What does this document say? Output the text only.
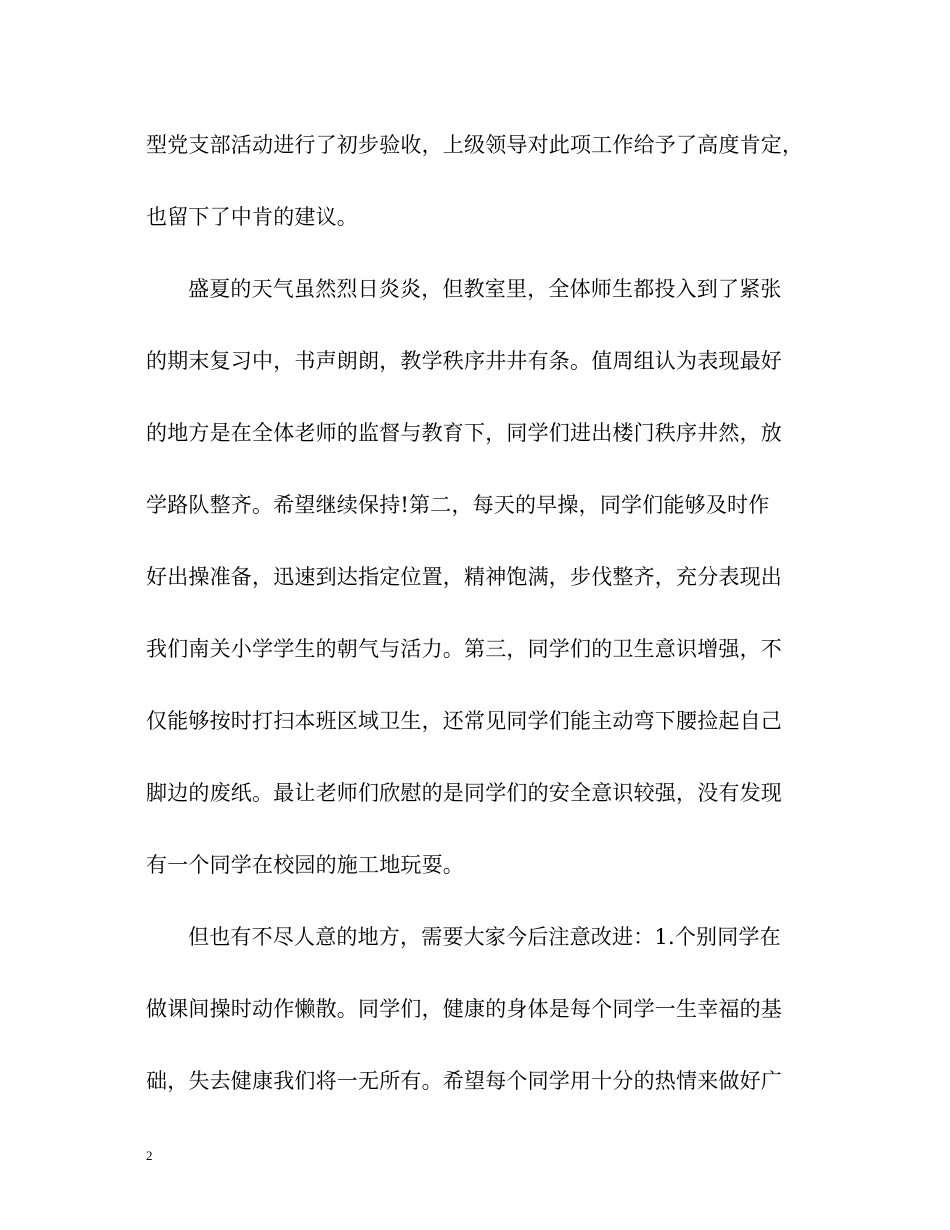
型党支部活动进行了初步验收，上级领导对此项工作给予了高度肯定，
也留下了中肯的建议。
盛夏的天气虽然烈日炎炎，但教室里，全体师生都投入到了紧张
的期末复习中，书声朗朗，教学秩序井井有条。值周组认为表现最好
的地方是在全体老师的监督与教育下，同学们进出楼门秩序井然，放
学路队整齐。希望继续保持!第二，每天的早操，同学们能够及时作
好出操准备，迅速到达指定位置，精神饱满，步伐整齐，充分表现出
我们南关小学学生的朝气与活力。第三，同学们的卫生意识增强，不
仅能够按时打扫本班区域卫生，还常见同学们能主动弯下腰捡起自己
脚边的废纸。最让老师们欣慰的是同学们的安全意识较强，没有发现
有一个同学在校园的施工地玩耍。
但也有不尽人意的地方，需要大家今后注意改进：1.个别同学在
做课间操时动作懒散。同学们，健康的身体是每个同学一生幸福的基
础，失去健康我们将一无所有。希望每个同学用十分的热情来做好广
2
